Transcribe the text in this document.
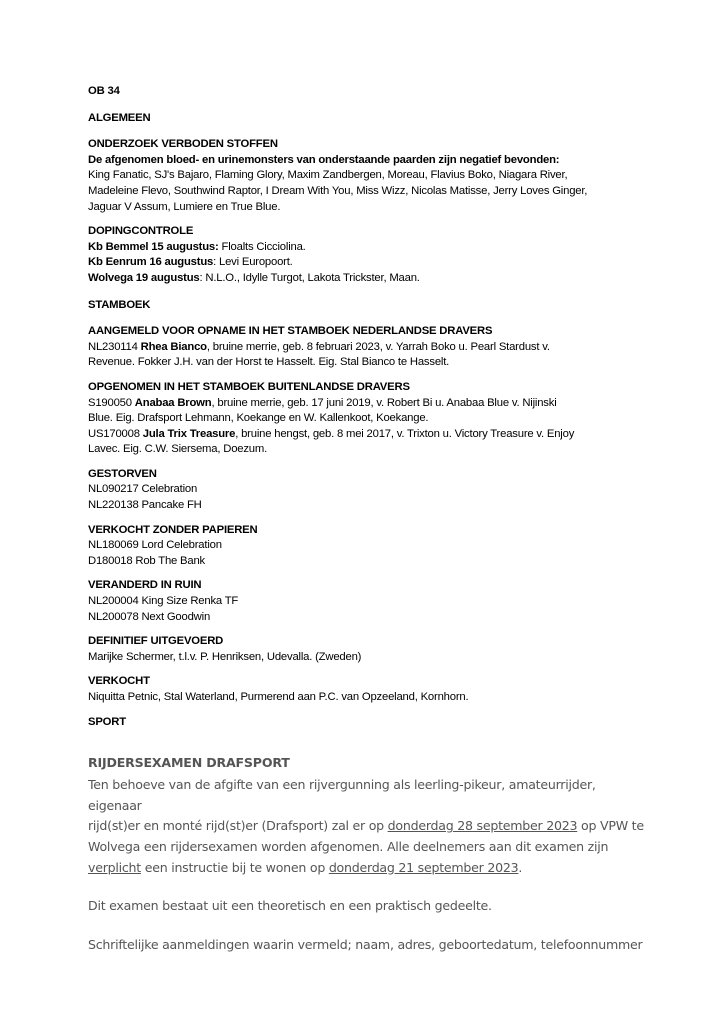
OB 34
ALGEMEEN
ONDERZOEK VERBODEN STOFFEN
De afgenomen bloed- en urinemonsters van onderstaande paarden zijn negatief bevonden:
King Fanatic, SJ's Bajaro, Flaming Glory, Maxim Zandbergen, Moreau, Flavius Boko, Niagara River,
Madeleine Flevo, Southwind Raptor, I Dream With You, Miss Wizz, Nicolas Matisse, Jerry Loves Ginger,
Jaguar V Assum, Lumiere en True Blue.
DOPINGCONTROLE
Kb Bemmel 15 augustus: Floalts Cicciolina.
Kb Eenrum 16 augustus: Levi Europoort.
Wolvega 19 augustus: N.L.O., Idylle Turgot, Lakota Trickster, Maan.
STAMBOEK
AANGEMELD VOOR OPNAME IN HET STAMBOEK NEDERLANDSE DRAVERS
NL230114 Rhea Bianco, bruine merrie, geb. 8 februari 2023, v. Yarrah Boko u. Pearl Stardust v.
Revenue. Fokker J.H. van der Horst te Hasselt. Eig. Stal Bianco te Hasselt.
OPGENOMEN IN HET STAMBOEK BUITENLANDSE DRAVERS
S190050 Anabaa Brown, bruine merrie, geb. 17 juni 2019, v. Robert Bi u. Anabaa Blue v. Nijinski
Blue. Eig. Drafsport Lehmann, Koekange en W. Kallenkoot, Koekange.
US170008 Jula Trix Treasure, bruine hengst, geb. 8 mei 2017, v. Trixton u. Victory Treasure v. Enjoy
Lavec. Eig. C.W. Siersema, Doezum.
GESTORVEN
NL090217 Celebration
NL220138 Pancake FH
VERKOCHT ZONDER PAPIEREN
NL180069 Lord Celebration
D180018 Rob The Bank
VERANDERD IN RUIN
NL200004 King Size Renka TF
NL200078 Next Goodwin
DEFINITIEF UITGEVOERD
Marijke Schermer, t.l.v. P. Henriksen, Udevalla. (Zweden)
VERKOCHT
Niquitta Petnic, Stal Waterland, Purmerend aan P.C. van Opzeeland, Kornhorn.
SPORT
RIJDERSEXAMEN DRAFSPORT
Ten behoeve van de afgifte van een rijvergunning als leerling-pikeur, amateurrijder, eigenaar
rijd(st)er en monté rijd(st)er (Drafsport) zal er op donderdag 28 september 2023 op VPW te
Wolvega een rijdersexamen worden afgenomen. Alle deelnemers aan dit examen zijn
verplicht een instructie bij te wonen op donderdag 21 september 2023.
Dit examen bestaat uit een theoretisch en een praktisch gedeelte.
Schriftelijke aanmeldingen waarin vermeld; naam, adres, geboortedatum, telefoonnummer
